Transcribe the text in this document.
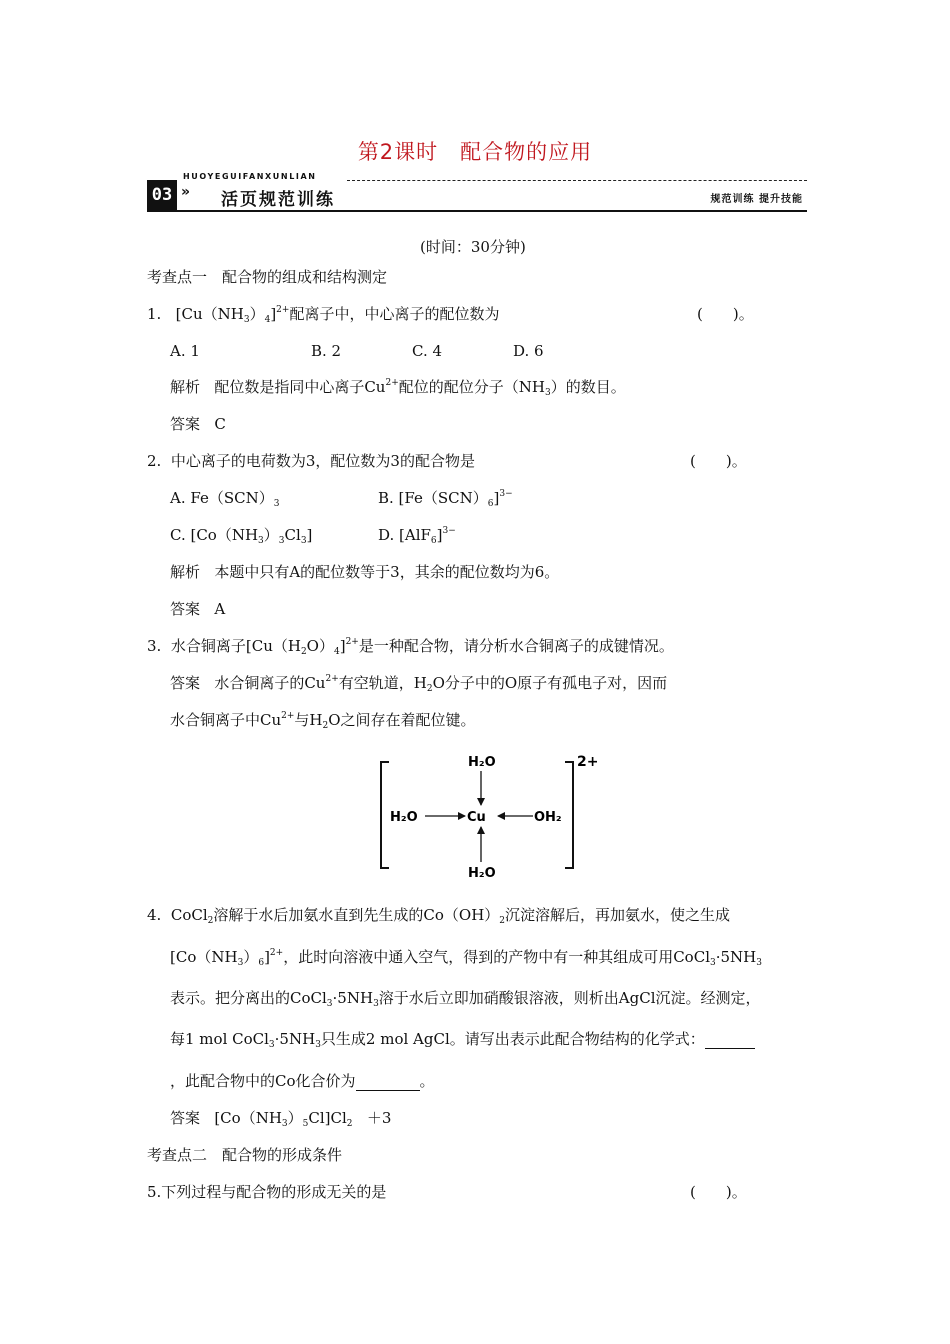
第2课时　配合物的应用
HUOYEGUIFANXUNLIAN
03 » 活页规范训练	规范训练 提升技能
(时间：30分钟)
考查点一　配合物的组成和结构测定
1. $[Cu(NH_3)_4]^{2+}$配离子中，中心离子的配位数为	(　　)。
A. 1	B. 2	C. 4	D. 6
解析 配位数是指同中心离子$Cu^{2+}$配位的配位分子$(NH_3)$的数目。
答案 C
2. 中心离子的电荷数为3，配位数为3的配合物是	(　　)。
A. $Fe(SCN)_3$	B. $[Fe(SCN)_6]^{3-}$
C. $[Co(NH_3)_3Cl_3]$	D. $[AlF_6]^{3-}$
解析 本题中只有A的配位数等于3，其余的配位数均为6。
答案 A
3. 水合铜离子$[Cu(H_2O)_4]^{2+}$是一种配合物，请分析水合铜离子的成键情况。
答案 水合铜离子的$Cu^{2+}$有空轨道，$H_2O$分子中的O原子有孤电子对，因而
水合铜离子中$Cu^{2+}$与$H_2O$之间存在着配位键。
H₂O
H₂O	Cu	OH₂
H₂O
2+
4. CoCl$_2$溶解于水后加氨水直到先生成的$Co(OH)_2$沉淀溶解后，再加氨水，使之生成
$[Co(NH_3)_6]^{2+}$，此时向溶液中通入空气，得到的产物中有一种其组成可用$CoCl_3\cdot 5NH_3$
表示。把分离出的$CoCl_3\cdot 5NH_3$溶于水后立即加硝酸银溶液，则析出AgCl沉淀。经测定，
每1 mol $CoCl_3\cdot 5NH_3$只生成2 mol AgCl。请写出表示此配合物结构的化学式：
，此配合物中的Co化合价为	。
答案 $[Co(NH_3)_5Cl]Cl_2 +3$
考查点二　配合物的形成条件
5.下列过程与配合物的形成无关的是	(　　)。
